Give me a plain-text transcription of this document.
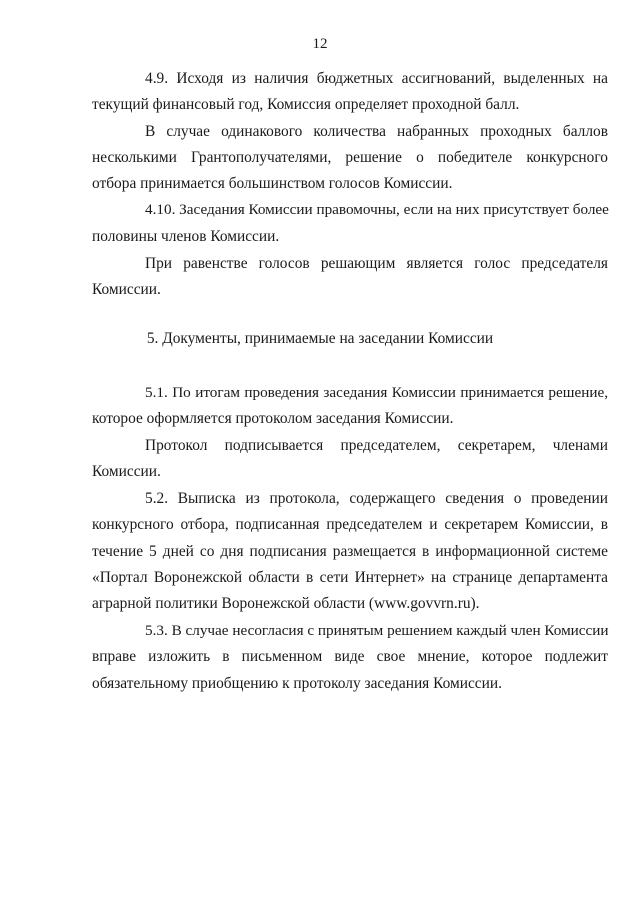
12
4.9. Исходя из наличия бюджетных ассигнований, выделенных на
текущий финансовый год, Комиссия определяет проходной балл.
В случае одинакового количества набранных проходных баллов
несколькими Грантополучателями, решение о победителе конкурсного
отбора принимается большинством голосов Комиссии.
4.10. Заседания Комиссии правомочны, если на них присутствует более
половины членов Комиссии.
При равенстве голосов решающим является голос председателя
Комиссии.
5. Документы, принимаемые на заседании Комиссии
5.1. По итогам проведения заседания Комиссии принимается решение,
которое оформляется протоколом заседания Комиссии.
Протокол подписывается председателем, секретарем, членами
Комиссии.
5.2. Выписка из протокола, содержащего сведения о проведении
конкурсного отбора, подписанная председателем и секретарем Комиссии, в
течение 5 дней со дня подписания размещается в информационной системе
«Портал Воронежской области в сети Интернет» на странице департамента
аграрной политики Воронежской области (www.govvrn.ru).
5.3. В случае несогласия с принятым решением каждый член Комиссии
вправе изложить в письменном виде свое мнение, которое подлежит
обязательному приобщению к протоколу заседания Комиссии.
